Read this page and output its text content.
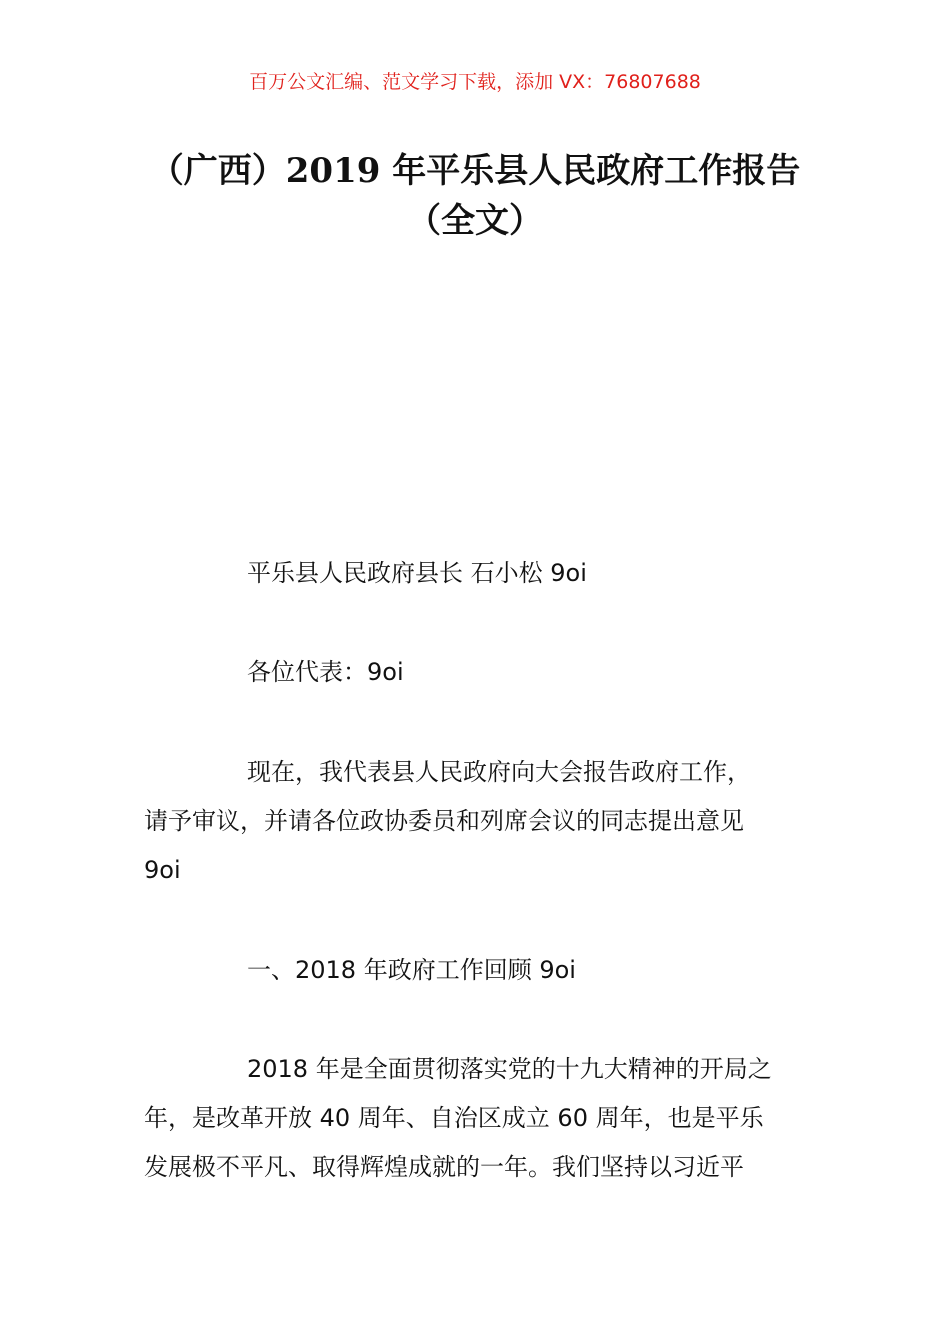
百万公文汇编、范文学习下载，添加 VX：76807688
（广西）2019 年平乐县人民政府工作报告
（全文）
平乐县人民政府县长 石小松 9oi
各位代表：9oi
现在，我代表县人民政府向大会报告政府工作，
请予审议，并请各位政协委员和列席会议的同志提出意见
9oi
一、2018 年政府工作回顾 9oi
2018 年是全面贯彻落实党的十九大精神的开局之
年，是改革开放 40 周年、自治区成立 60 周年，也是平乐
发展极不平凡、取得辉煌成就的一年。我们坚持以习近平
